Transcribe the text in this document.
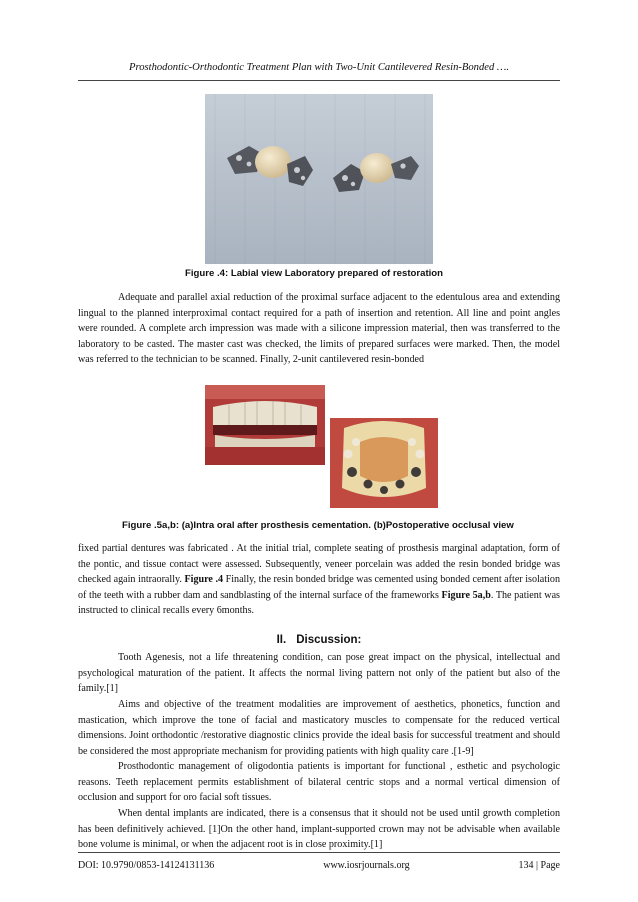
Prosthodontic-Orthodontic Treatment Plan with Two-Unit Cantilevered Resin-Bonded ….
Figure .4: Labial view Laboratory prepared of restoration

Adequate and parallel axial reduction of the proximal surface adjacent to the edentulous area and extending lingual to the planned interproximal contact required for a path of insertion and retention. All line and point angles were rounded. A complete arch impression was made with a silicone impression material, then was transferred to the laboratory to be casted. The master cast was checked, the limits of prepared surfaces were marked. Then, the model was referred to the technician to be scanned. Finally, 2-unit cantilevered resin-bonded

Figure .5a,b: (a)Intra oral after prosthesis cementation. (b)Postoperative occlusal view

fixed partial dentures was fabricated . At the initial trial, complete seating of prosthesis marginal adaptation, form of the pontic, and tissue contact were assessed. Subsequently, veneer porcelain was added the resin bonded bridge was checked again intraorally. Figure .4 Finally, the resin bonded bridge was cemented using bonded cement after isolation of the teeth with a rubber dam and sandblasting of the internal surface of the frameworks Figure 5a,b. The patient was instructed to clinical recalls every 6months.

II. Discussion:

Tooth Agenesis, not a life threatening condition, can pose great impact on the physical, intellectual and psychological maturation of the patient. It affects the normal living pattern not only of the patient but also of the family.[1]

Aims and objective of the treatment modalities are improvement of aesthetics, phonetics, function and mastication, which improve the tone of facial and masticatory muscles to compensate for the reduced vertical dimensions. Joint orthodontic /restorative diagnostic clinics provide the ideal basis for successful treatment and should be considered the most appropriate mechanism for providing patients with high quality care .[1-9]

Prosthodontic management of oligodontia patients is important for functional , esthetic and psychologic reasons. Teeth replacement permits establishment of bilateral centric stops and a normal vertical dimension of occlusion and support for oro facial soft tissues.

When dental implants are indicated, there is a consensus that it should not be used until growth completion has been definitively achieved. [1]On the other hand, implant-supported crown may not be advisable when available bone volume is minimal, or when the adjacent root is in close proximity.[1]

DOI: 10.9790/0853-14124131136	www.iosrjournals.org	134 | Page
